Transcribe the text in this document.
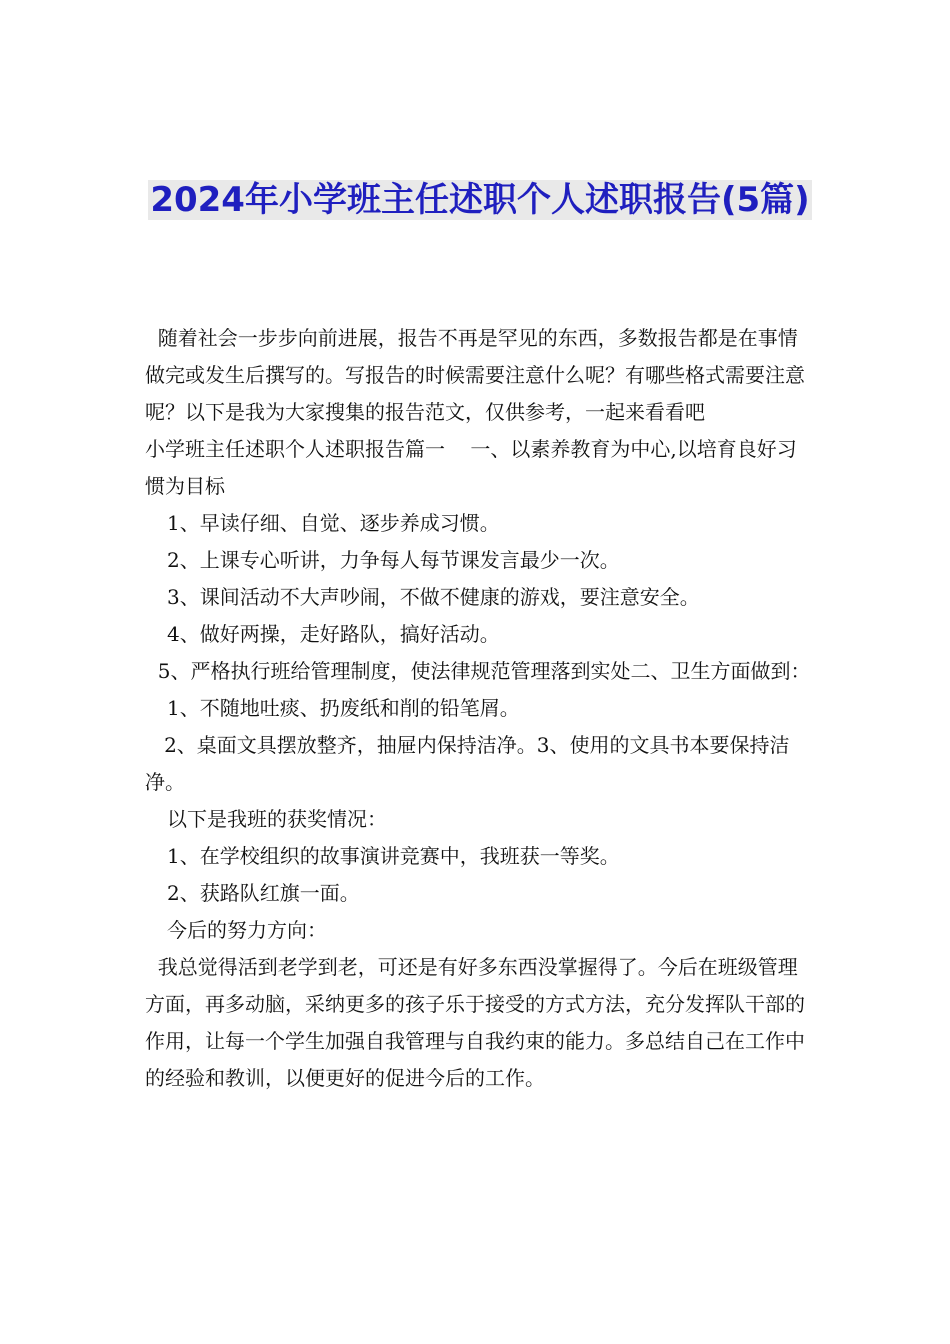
2024年小学班主任述职个人述职报告(5篇)

随着社会一步步向前进展，报告不再是罕见的东西，多数报告都是在事情做完或发生后撰写的。写报告的时候需要注意什么呢？有哪些格式需要注意呢？以下是我为大家搜集的报告范文，仅供参考，一起来看看吧

小学班主任述职个人述职报告篇一    一、以素养教育为中心,以培育良好习惯为目标

1、早读仔细、自觉、逐步养成习惯。

2、上课专心听讲，力争每人每节课发言最少一次。

3、课间活动不大声吵闹，不做不健康的游戏，要注意安全。

4、做好两操，走好路队，搞好活动。

5、严格执行班给管理制度，使法律规范管理落到实处二、卫生方面做到：

1、不随地吐痰、扔废纸和削的铅笔屑。

2、桌面文具摆放整齐，抽屉内保持洁净。3、使用的文具书本要保持洁净。

以下是我班的获奖情况：

1、在学校组织的故事演讲竞赛中，我班获一等奖。

2、获路队红旗一面。

今后的努力方向：

我总觉得活到老学到老，可还是有好多东西没掌握得了。今后在班级管理方面，再多动脑，采纳更多的孩子乐于接受的方式方法，充分发挥队干部的作用，让每一个学生加强自我管理与自我约束的能力。多总结自己在工作中的经验和教训，以便更好的促进今后的工作。
